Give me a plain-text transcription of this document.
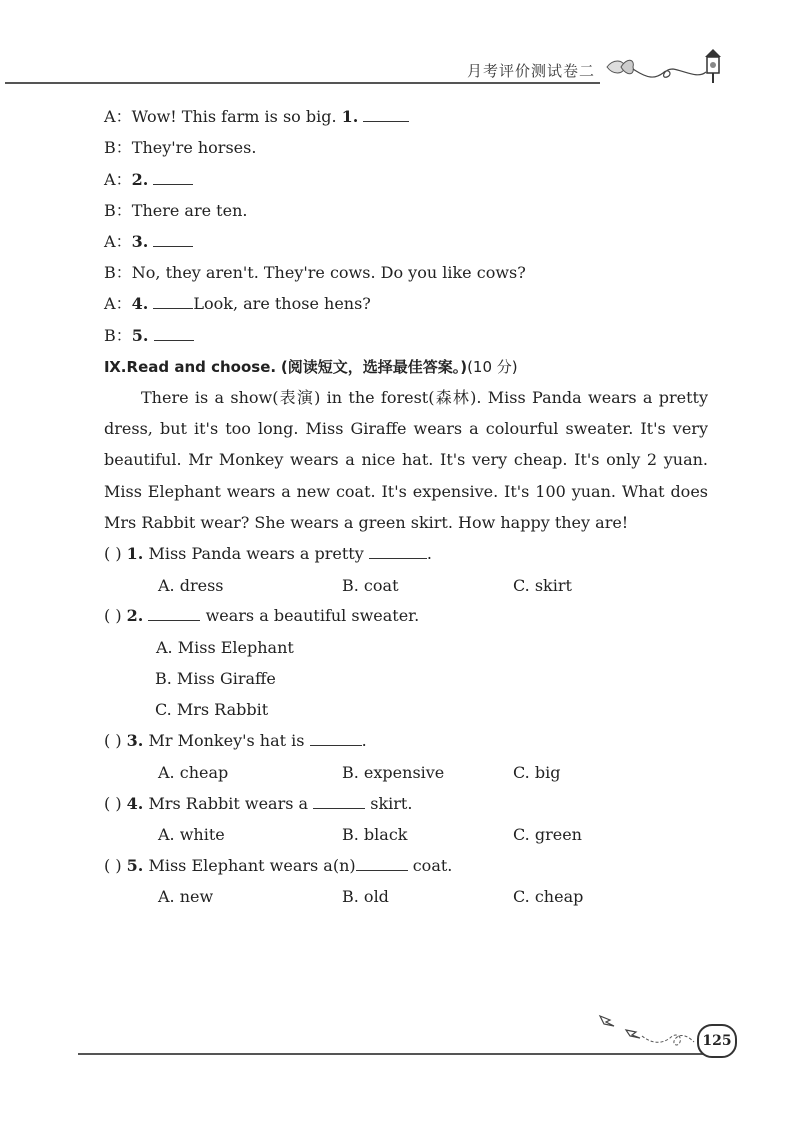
月考评价测试卷二
A：Wow! This farm is so big. 1.
B：They're horses.
A：2.
B：There are ten.
A：3.
B：No, they aren't. They're cows. Do you like cows?
A：4.	Look, are those hens?
B：5.
Ⅸ.Read and choose. (阅读短文，选择最佳答案。)(10 分)

There is a show(表演) in the forest(森林). Miss Panda wears a pretty dress, but it's too long. Miss Giraffe wears a colourful sweater. It's very beautiful. Mr Monkey wears a nice hat. It's very cheap. It's only 2 yuan. Miss Elephant wears a new coat. It's expensive. It's 100 yuan. What does Mrs Rabbit wear? She wears a green skirt. How happy they are!

( ) 1. Miss Panda wears a pretty	.
A. dress	B. coat	C. skirt
( ) 2.	wears a beautiful sweater.
A. Miss Elephant
B. Miss Giraffe
C. Mrs Rabbit
( ) 3. Mr Monkey's hat is	.
A. cheap	B. expensive	C. big
( ) 4. Mrs Rabbit wears a	skirt.
A. white	B. black	C. green
( ) 5. Miss Elephant wears a(n)	coat.
A. new	B. old	C. cheap
125
